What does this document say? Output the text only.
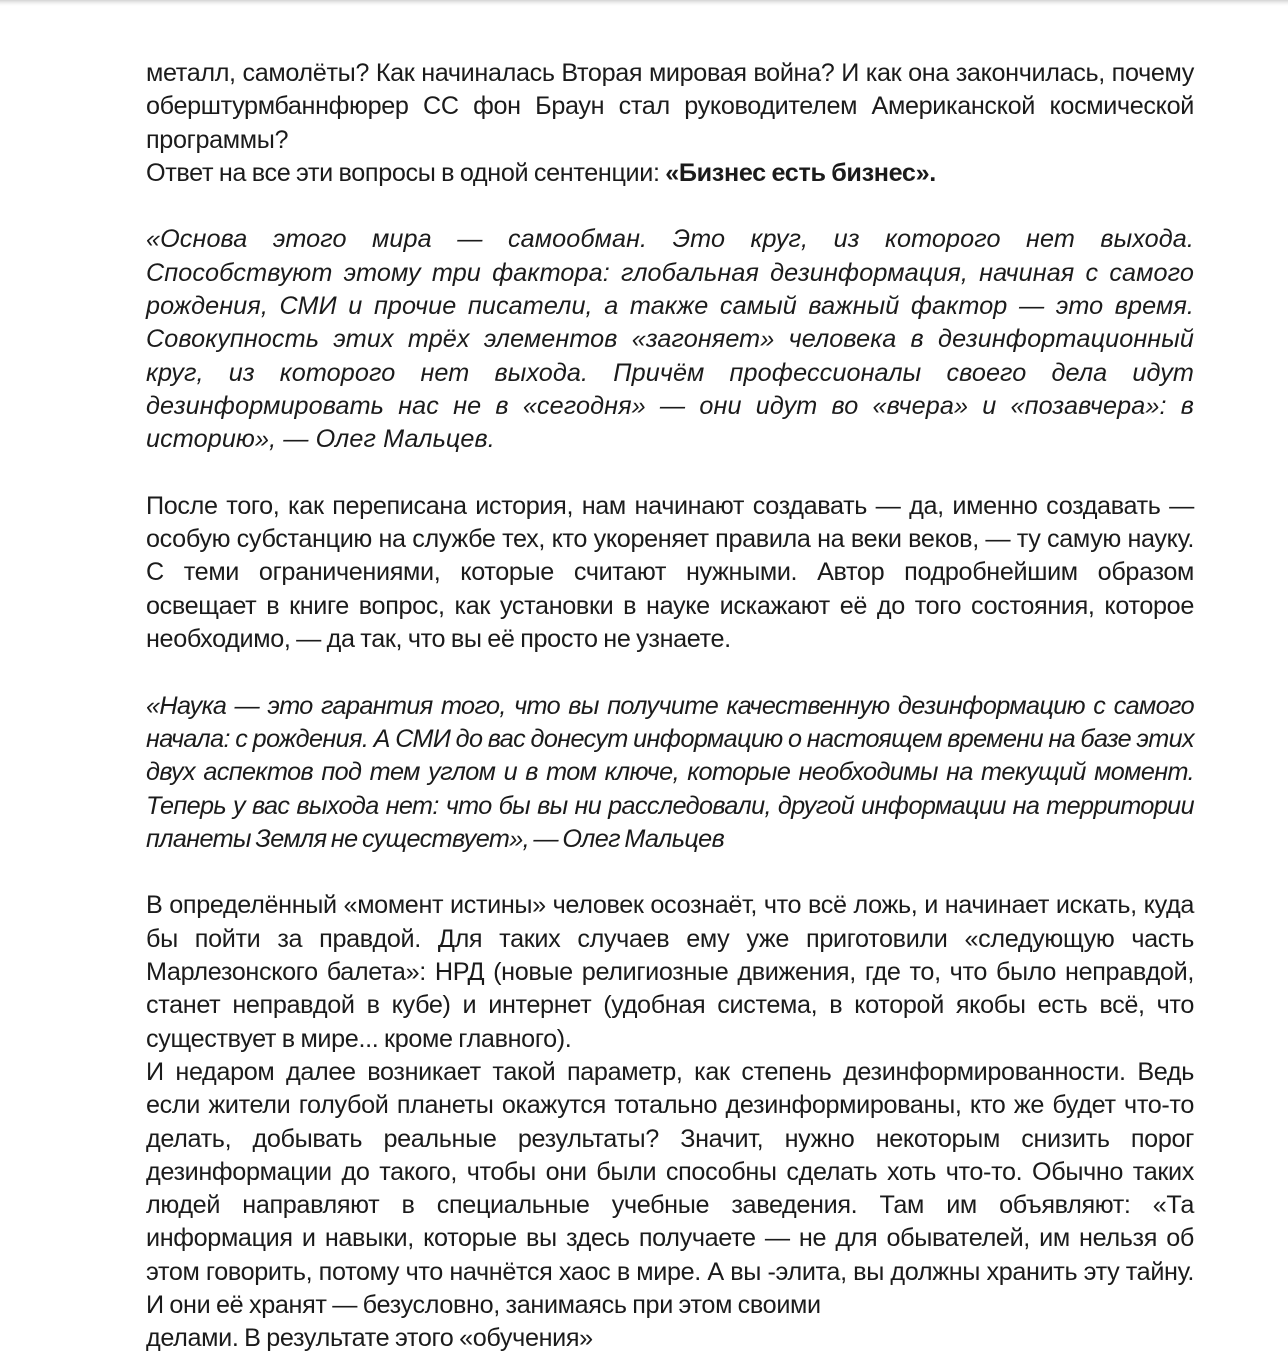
металл, самолёты? Как начиналась Вторая мировая война? И как она закончилась, почему оберштурмбаннфюрер СС фон Браун стал руководителем Американской космической программы?

Ответ на все эти вопросы в одной сентенции: «Бизнес есть бизнес».

«Основа этого мира — самообман. Это круг, из которого нет выхода. Способствуют этому три фактора: глобальная дезинформация, начиная с самого рождения, СМИ и прочие писатели, а также самый важный фактор — это время. Совокупность этих трёх элементов «загоняет» человека в дезинфорmационный круг, из которого нет выхода. Причём профессионалы своего дела идут дезинформировать нас не в «сегодня» — они идут во «вчера» и «позавчера»: в историю», — Олег Мальцев.

После того, как переписана история, нам начинают создавать — да, именно создавать — особую субстанцию на службе тех, кто укореняет правила на веки веков, — ту самую науку. С теми ограничениями, которые считают нужными. Автор подробнейшим образом освещает в книге вопрос, как установки в науке искажают её до того состояния, которое необходимо, — да так, что вы её просто не узнаете.

«Наука — это гарантия того, что вы получите качественную дезинформацию с самого начала: с рождения. А СМИ до вас донесут информацию о настоящем времени на базе этих двух аспектов под тем углом и в том ключе, которые необходимы на текущий момент. Теперь у вас выхода нет: что бы вы ни расследовали, другой информации на территории планеты Земля не существует», — Олег Мальцев

В определённый «момент истины» человек осознаёт, что всё ложь, и начинает искать, куда бы пойти за правдой. Для таких случаев ему уже приготовили «следующую часть Марлезонского балета»: НРД (новые религиозные движения, где то, что было неправдой, станет неправдой в кубе) и интернет (удобная система, в которой якобы есть всё, что существует в мире... кроме главного).

И недаром далее возникает такой параметр, как степень дезинформированности. Ведь если жители голубой планеты окажутся тотально дезинформированы, кто же будет что-то делать, добывать реальные результаты? Значит, нужно некоторым снизить порог дезинформации до такого, чтобы они были способны сделать хоть что-то. Обычно таких людей направляют в специальные учебные заведения. Там им объявляют: «Та информация и навыки, которые вы здесь получаете — не для обывателей, им нельзя об этом говорить, потому что начнётся хаос в мире. А вы -элита, вы должны хранить эту тайну. И они её хранят — безусловно, занимаясь при этом своими

делами. В результате этого «обучения»
